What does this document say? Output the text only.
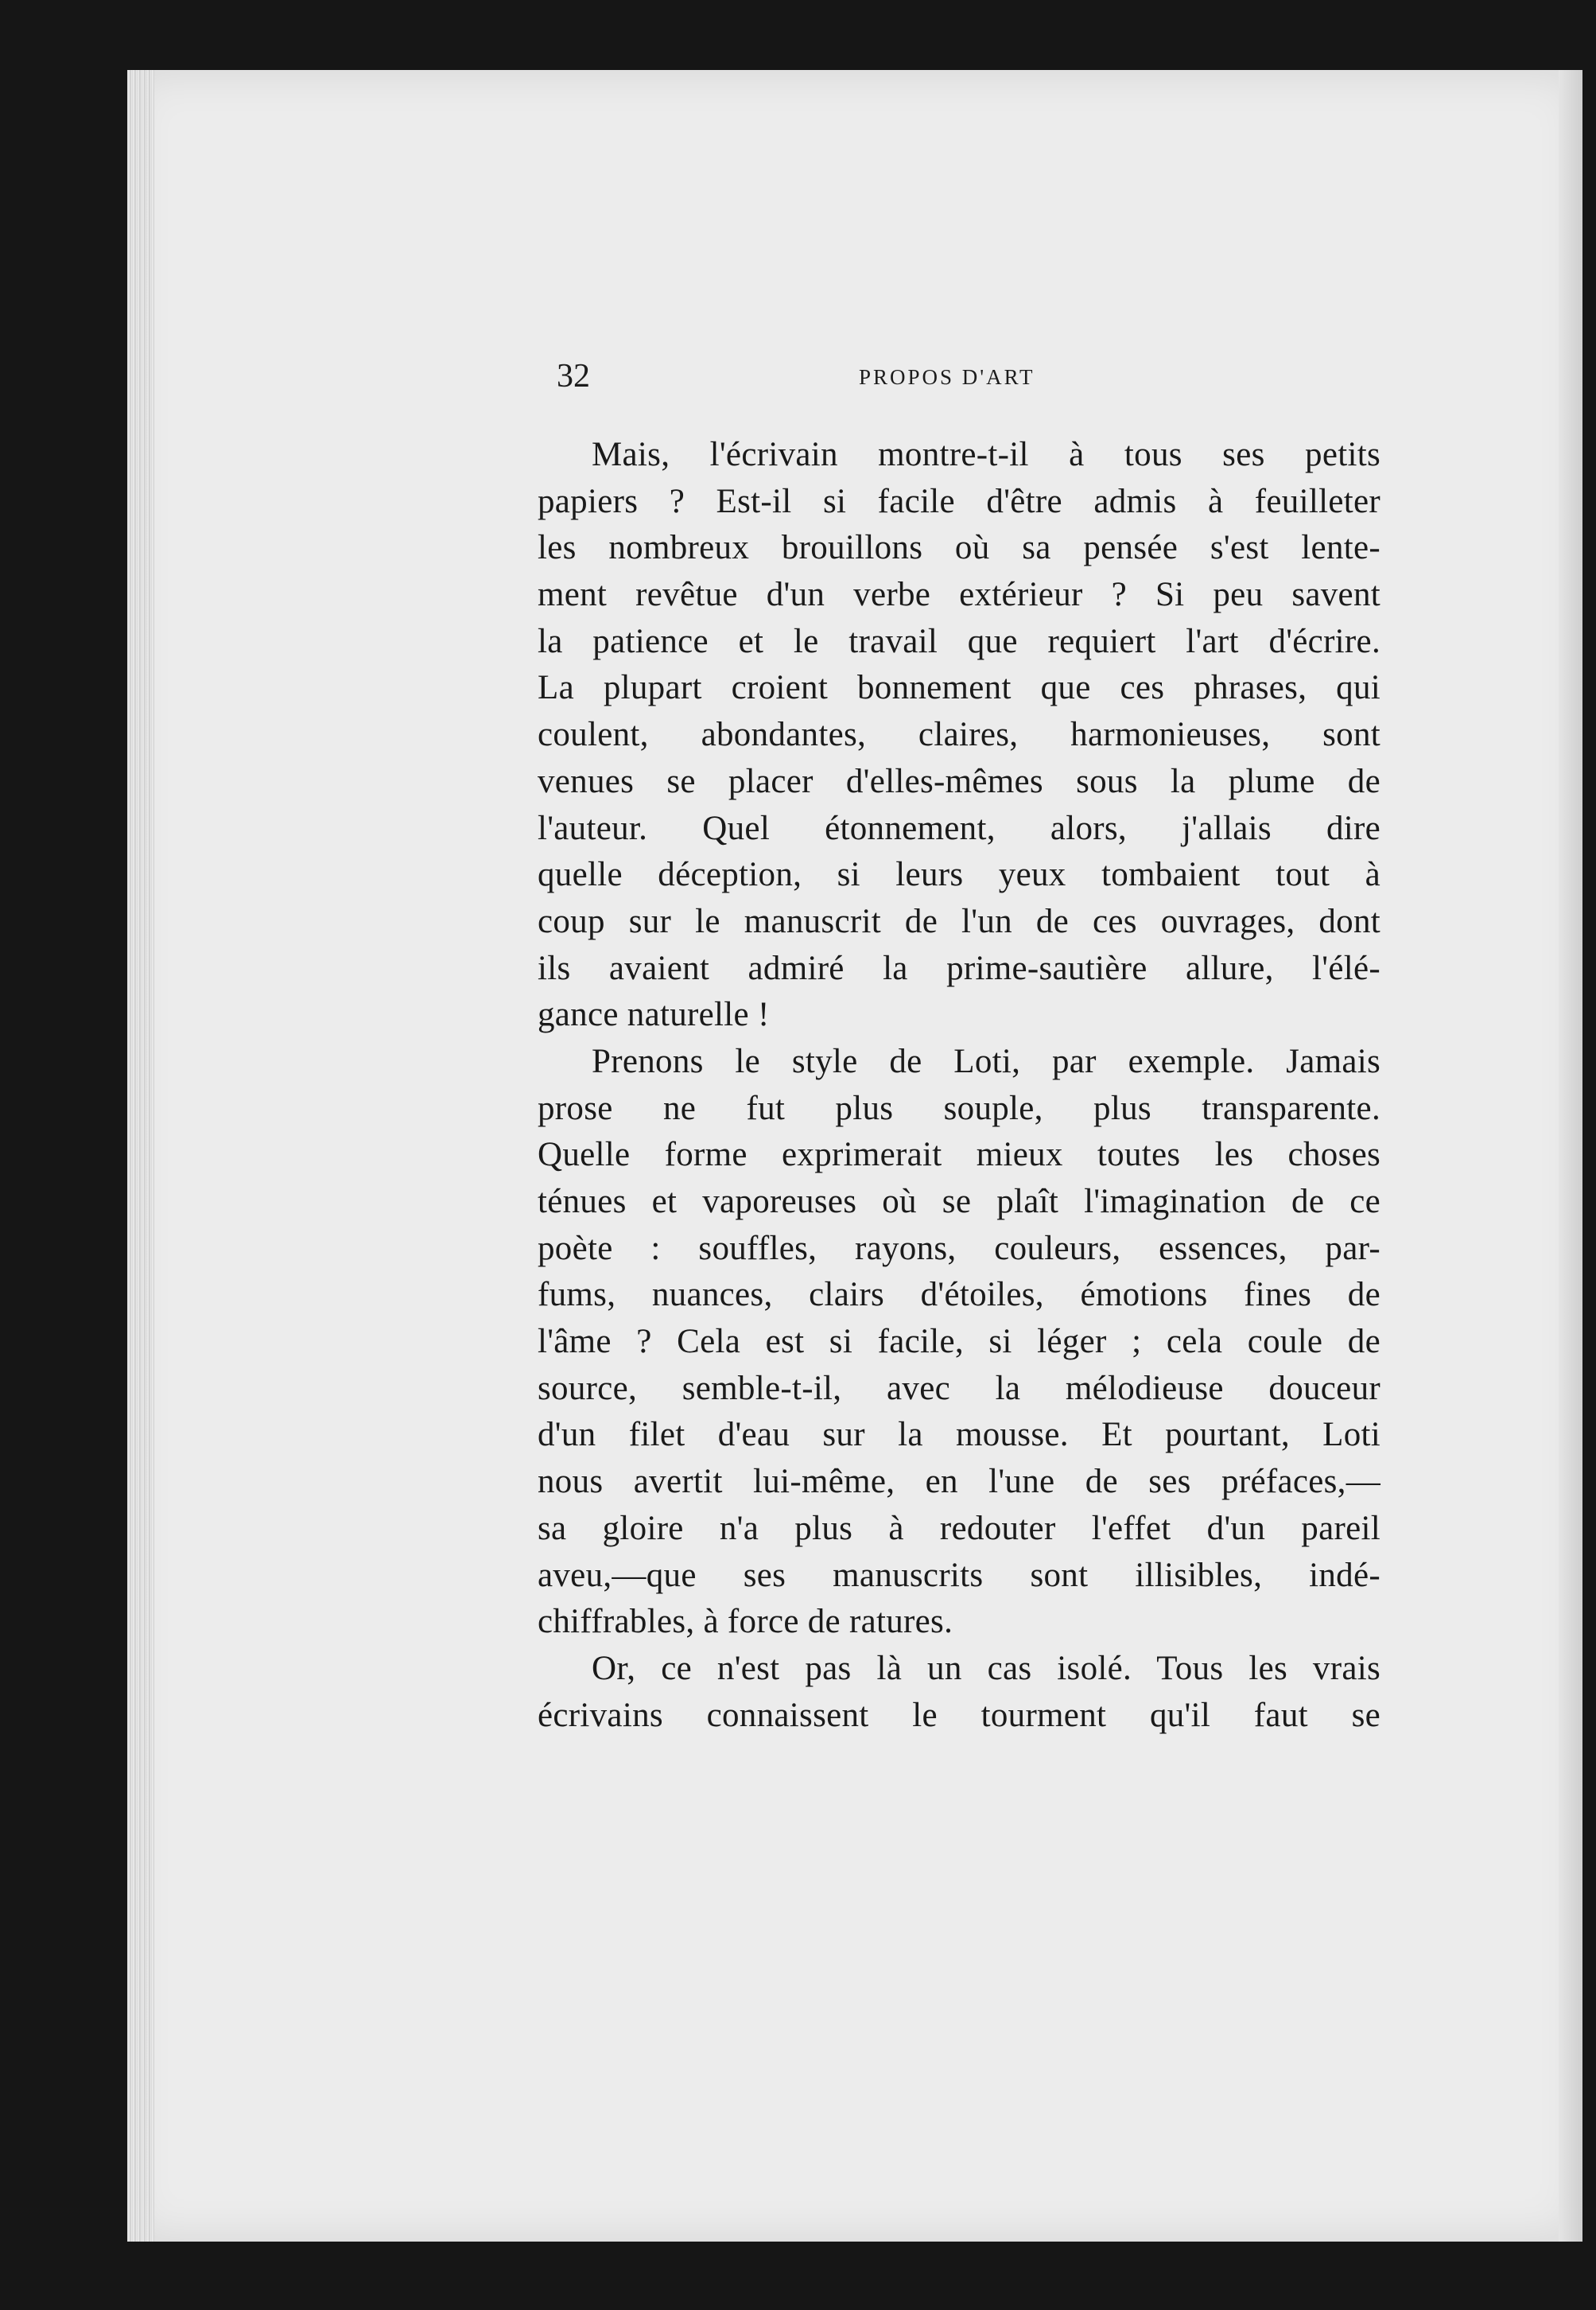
32	PROPOS D'ART
Mais, l'écrivain montre-t-il à tous ses petits
papiers ? Est-il si facile d'être admis à feuilleter
les nombreux brouillons où sa pensée s'est lente-
ment revêtue d'un verbe extérieur ? Si peu savent
la patience et le travail que requiert l'art d'écrire.
La plupart croient bonnement que ces phrases, qui
coulent, abondantes, claires, harmonieuses, sont
venues se placer d'elles-mêmes sous la plume de
l'auteur. Quel étonnement, alors, j'allais dire
quelle déception, si leurs yeux tombaient tout à
coup sur le manuscrit de l'un de ces ouvrages, dont
ils avaient admiré la prime-sautière allure, l'élé-
gance naturelle !
Prenons le style de Loti, par exemple. Jamais
prose ne fut plus souple, plus transparente.
Quelle forme exprimerait mieux toutes les choses
ténues et vaporeuses où se plaît l'imagination de ce
poète : souffles, rayons, couleurs, essences, par-
fums, nuances, clairs d'étoiles, émotions fines de
l'âme ? Cela est si facile, si léger ; cela coule de
source, semble-t-il, avec la mélodieuse douceur
d'un filet d'eau sur la mousse. Et pourtant, Loti
nous avertit lui-même, en l'une de ses préfaces,—
sa gloire n'a plus à redouter l'effet d'un pareil
aveu,—que ses manuscrits sont illisibles, indé-
chiffrables, à force de ratures.
Or, ce n'est pas là un cas isolé. Tous les vrais
écrivains connaissent le tourment qu'il faut se
